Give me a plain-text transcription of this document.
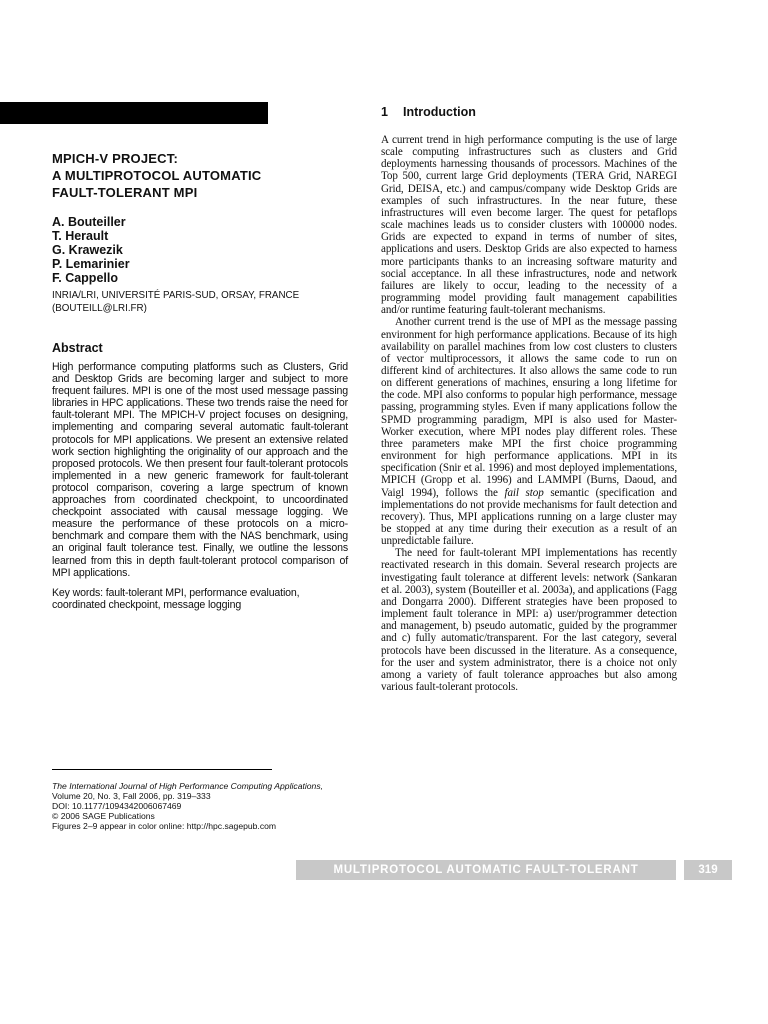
MPICH-V PROJECT:
A MULTIPROTOCOL AUTOMATIC
FAULT-TOLERANT MPI
A. Bouteiller
T. Herault
G. Krawezik
P. Lemarinier
F. Cappello
INRIA/LRI, UNIVERSITÉ PARIS-SUD, ORSAY, FRANCE
(BOUTEILL@LRI.FR)
Abstract
High performance computing platforms such as Clusters, Grid and Desktop Grids are becoming larger and subject to more frequent failures. MPI is one of the most used message passing libraries in HPC applications. These two trends raise the need for fault-tolerant MPI. The MPICH-V project focuses on designing, implementing and comparing several automatic fault-tolerant protocols for MPI applications. We present an extensive related work section highlighting the originality of our approach and the proposed protocols. We then present four fault-tolerant protocols implemented in a new generic framework for fault-tolerant protocol comparison, covering a large spectrum of known approaches from coordinated checkpoint, to uncoordinated checkpoint associated with causal message logging. We measure the performance of these protocols on a micro-benchmark and compare them with the NAS benchmark, using an original fault tolerance test. Finally, we outline the lessons learned from this in depth fault-tolerant protocol comparison of MPI applications.
Key words: fault-tolerant MPI, performance evaluation, coordinated checkpoint, message logging
The International Journal of High Performance Computing Applications,
Volume 20, No. 3, Fall 2006, pp. 319–333
DOI: 10.1177/1094342006067469
© 2006 SAGE Publications
Figures 2–9 appear in color online: http://hpc.sagepub.com
1 Introduction

A current trend in high performance computing is the use of large scale computing infrastructures such as clusters and Grid deployments harnessing thousands of processors. Machines of the Top 500, current large Grid deployments (TERA Grid, NAREGI Grid, DEISA, etc.) and campus/company wide Desktop Grids are examples of such infrastructures. In the near future, these infrastructures will even become larger. The quest for petaflops scale machines leads us to consider clusters with 100000 nodes. Grids are expected to expand in terms of number of sites, applications and users. Desktop Grids are also expected to harness more participants thanks to an increasing software maturity and social acceptance. In all these infrastructures, node and network failures are likely to occur, leading to the necessity of a programming model providing fault management capabilities and/or runtime featuring fault-tolerant mechanisms.

Another current trend is the use of MPI as the message passing environment for high performance applications. Because of its high availability on parallel machines from low cost clusters to clusters of vector multiprocessors, it allows the same code to run on different kind of architectures. It also allows the same code to run on different generations of machines, ensuring a long lifetime for the code. MPI also conforms to popular high performance, message passing, programming styles. Even if many applications follow the SPMD programming paradigm, MPI is also used for Master-Worker execution, where MPI nodes play different roles. These three parameters make MPI the first choice programming environment for high performance applications. MPI in its specification (Snir et al. 1996) and most deployed implementations, MPICH (Gropp et al. 1996) and LAMMPI (Burns, Daoud, and Vaigl 1994), follows the fail stop semantic (specification and implementations do not provide mechanisms for fault detection and recovery). Thus, MPI applications running on a large cluster may be stopped at any time during their execution as a result of an unpredictable failure.

The need for fault-tolerant MPI implementations has recently reactivated research in this domain. Several research projects are investigating fault tolerance at different levels: network (Sankaran et al. 2003), system (Bouteiller et al. 2003a), and applications (Fagg and Dongarra 2000). Different strategies have been proposed to implement fault tolerance in MPI: a) user/programmer detection and management, b) pseudo automatic, guided by the programmer and c) fully automatic/transparent. For the last category, several protocols have been discussed in the literature. As a consequence, for the user and system administrator, there is a choice not only among a variety of fault tolerance approaches but also among various fault-tolerant protocols.

MULTIPROTOCOL AUTOMATIC FAULT-TOLERANT	319
